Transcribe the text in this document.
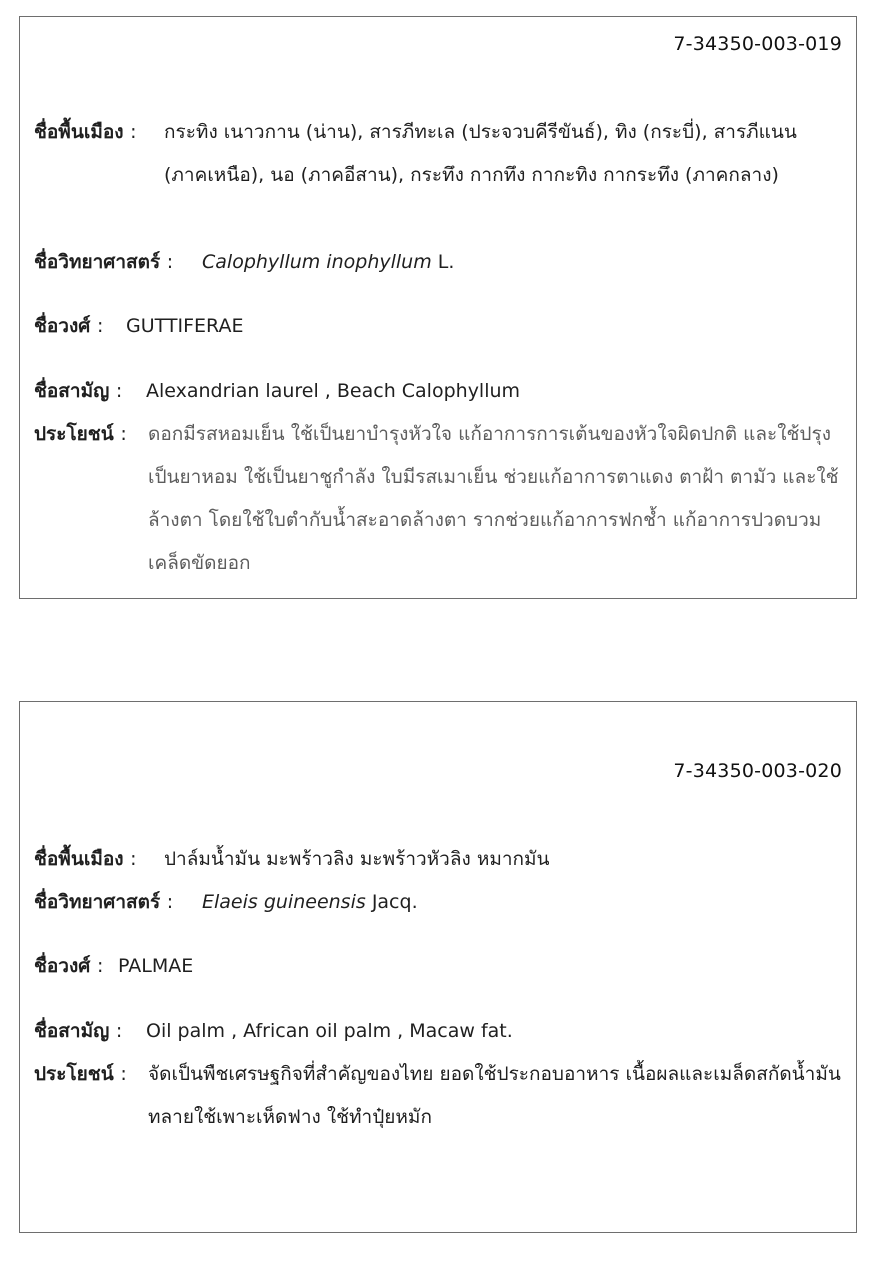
7-34350-003-019
ชื่อพื้นเมือง : กระทิง เนาวกาน (น่าน), สารภีทะเล (ประจวบคีรีขันธ์), ทิง (กระบี่), สารภีแนน (ภาคเหนือ), นอ (ภาคอีสาน), กระทึง กากทึง กากะทิง กากระทึง (ภาคกลาง)
ชื่อวิทยาศาสตร์ : Calophyllum inophyllum L.
ชื่อวงศ์ : GUTTIFERAE
ชื่อสามัญ : Alexandrian laurel , Beach Calophyllum
ประโยชน์ : ดอกมีรสหอมเย็น ใช้เป็นยาบำรุงหัวใจ แก้อาการการเต้นของหัวใจผิดปกติ และใช้ปรุงเป็นยาหอม ใช้เป็นยาชูกำลัง ใบมีรสเมาเย็น ช่วยแก้อาการตาแดง ตาฝ้า ตามัว และใช้ล้างตา โดยใช้ใบตำกับน้ำสะอาดล้างตา รากช่วยแก้อาการฟกช้ำ แก้อาการปวดบวมเคล็ดขัดยอก
7-34350-003-020
ชื่อพื้นเมือง : ปาล์มน้ำมัน มะพร้าวลิง มะพร้าวหัวลิง หมากมัน
ชื่อวิทยาศาสตร์ : Elaeis guineensis Jacq.
ชื่อวงศ์ : PALMAE
ชื่อสามัญ : Oil palm , African oil palm , Macaw fat.
ประโยชน์ : จัดเป็นพืชเศรษฐกิจที่สำคัญของไทย ยอดใช้ประกอบอาหาร เนื้อผลและเมล็ดสกัดน้ำมัน ทลายใช้เพาะเห็ดฟาง ใช้ทำปุ๋ยหมัก
